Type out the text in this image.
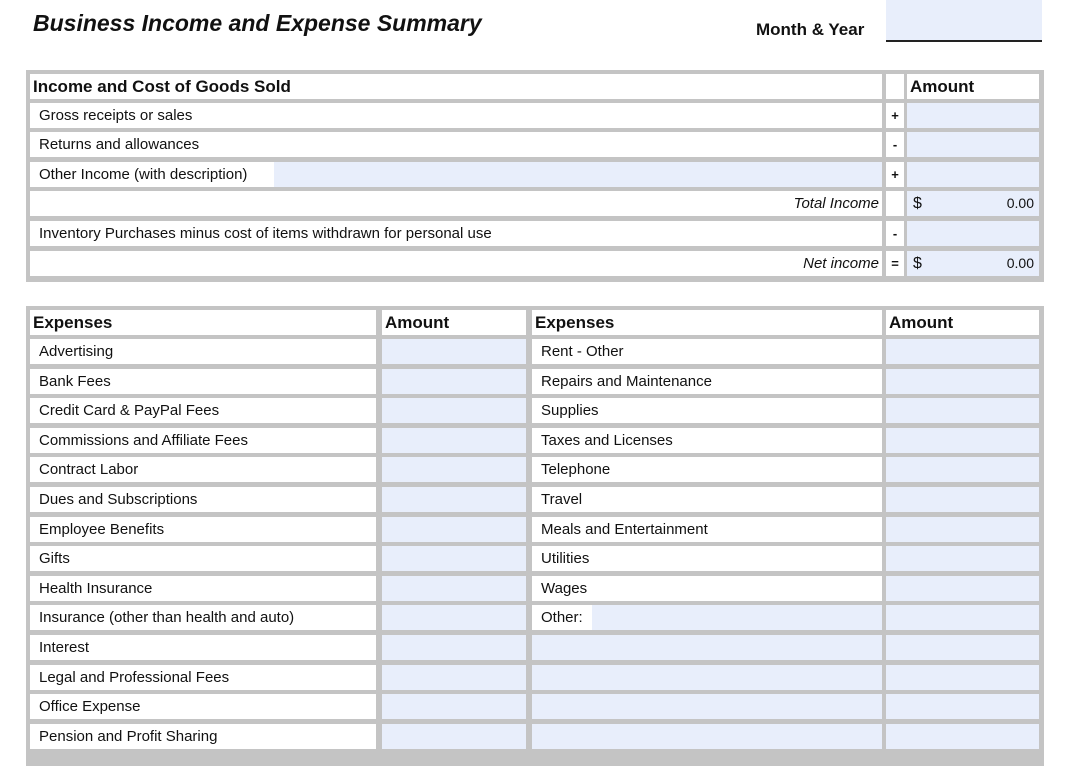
Business Income and Expense Summary	Month & Year
Income and Cost of Goods Sold	Amount
Gross receipts or sales	+
Returns and allowances	-
Other Income (with description)	+
Total Income $	0.00
Inventory Purchases minus cost of items withdrawn for personal use	-
Net income = $	0.00
Expenses	Amount	Expenses	Amount
Advertising	Rent - Other
Bank Fees	Repairs and Maintenance
Credit Card & PayPal Fees	Supplies
Commissions and Affiliate Fees	Taxes and Licenses
Contract Labor	Telephone
Dues and Subscriptions	Travel
Employee Benefits	Meals and Entertainment
Gifts	Utilities
Health Insurance	Wages
Insurance (other than health and auto)	Other:
Interest
Legal and Professional Fees
Office Expense
Pension and Profit Sharing
